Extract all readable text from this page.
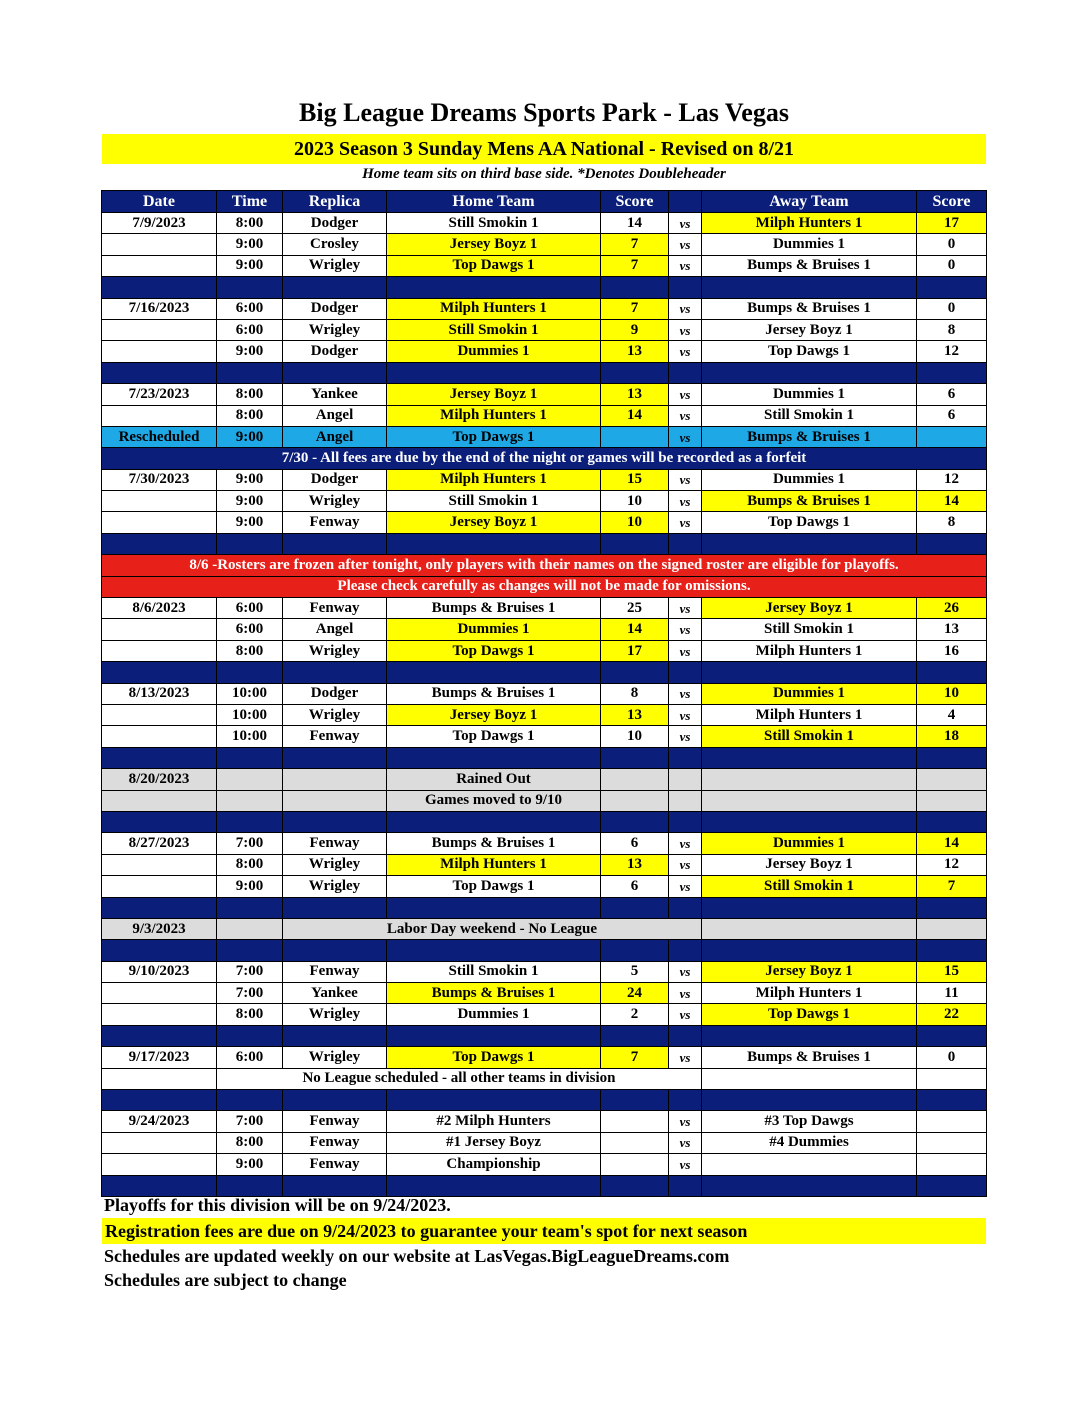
Big League Dreams Sports Park - Las Vegas
2023 Season 3 Sunday Mens AA National - Revised on 8/21
Home team sits on third base side. *Denotes Doubleheader
Date	Time	Replica	Home Team	Score		Away Team	Score
7/9/2023	8:00	Dodger	Still Smokin 1	14	vs	Milph Hunters 1	17
	9:00	Crosley	Jersey Boyz 1	7	vs	Dummies 1	0
	9:00	Wrigley	Top Dawgs 1	7	vs	Bumps & Bruises 1	0

7/16/2023	6:00	Dodger	Milph Hunters 1	7	vs	Bumps & Bruises 1	0
	6:00	Wrigley	Still Smokin 1	9	vs	Jersey Boyz 1	8
	9:00	Dodger	Dummies 1	13	vs	Top Dawgs 1	12

7/23/2023	8:00	Yankee	Jersey Boyz 1	13	vs	Dummies 1	6
	8:00	Angel	Milph Hunters 1	14	vs	Still Smokin 1	6
Rescheduled	9:00	Angel	Top Dawgs 1		vs	Bumps & Bruises 1	
7/30 - All fees are due by the end of the night or games will be recorded as a forfeit							
7/30/2023	9:00	Dodger	Milph Hunters 1	15	vs	Dummies 1	12
	9:00	Wrigley	Still Smokin 1	10	vs	Bumps & Bruises 1	14
	9:00	Fenway	Jersey Boyz 1	10	vs	Top Dawgs 1	8

8/6 -Rosters are frozen after tonight, only players with their names on the signed roster are eligible for playoffs.							
Please check carefully as changes will not be made for omissions.							
8/6/2023	6:00	Fenway	Bumps & Bruises 1	25	vs	Jersey Boyz 1	26
	6:00	Angel	Dummies 1	14	vs	Still Smokin 1	13
	8:00	Wrigley	Top Dawgs 1	17	vs	Milph Hunters 1	16

8/13/2023	10:00	Dodger	Bumps & Bruises 1	8	vs	Dummies 1	10
	10:00	Wrigley	Jersey Boyz 1	13	vs	Milph Hunters 1	4
	10:00	Fenway	Top Dawgs 1	10	vs	Still Smokin 1	18

8/20/2023			Rained Out				
			Games moved to 9/10				

8/27/2023	7:00	Fenway	Bumps & Bruises 1	6	vs	Dummies 1	14
	8:00	Wrigley	Milph Hunters 1	13	vs	Jersey Boyz 1	12
	9:00	Wrigley	Top Dawgs 1	6	vs	Still Smokin 1	7

9/3/2023		Labor Day weekend - No League					

9/10/2023	7:00	Fenway	Still Smokin 1	5	vs	Jersey Boyz 1	15
	7:00	Yankee	Bumps & Bruises 1	24	vs	Milph Hunters 1	11
	8:00	Wrigley	Dummies 1	2	vs	Top Dawgs 1	22

9/17/2023	6:00	Wrigley	Top Dawgs 1	7	vs	Bumps & Bruises 1	0
	No League scheduled - all other teams in division						

9/24/2023	7:00	Fenway	#2 Milph Hunters		vs	#3 Top Dawgs	
	8:00	Fenway	#1 Jersey Boyz		vs	#4 Dummies	
	9:00	Fenway	Championship		vs		

Playoffs for this division will be on 9/24/2023.
Registration fees are due on 9/24/2023 to guarantee your team's spot for next season
Schedules are updated weekly on our website at LasVegas.BigLeagueDreams.com
Schedules are subject to change
